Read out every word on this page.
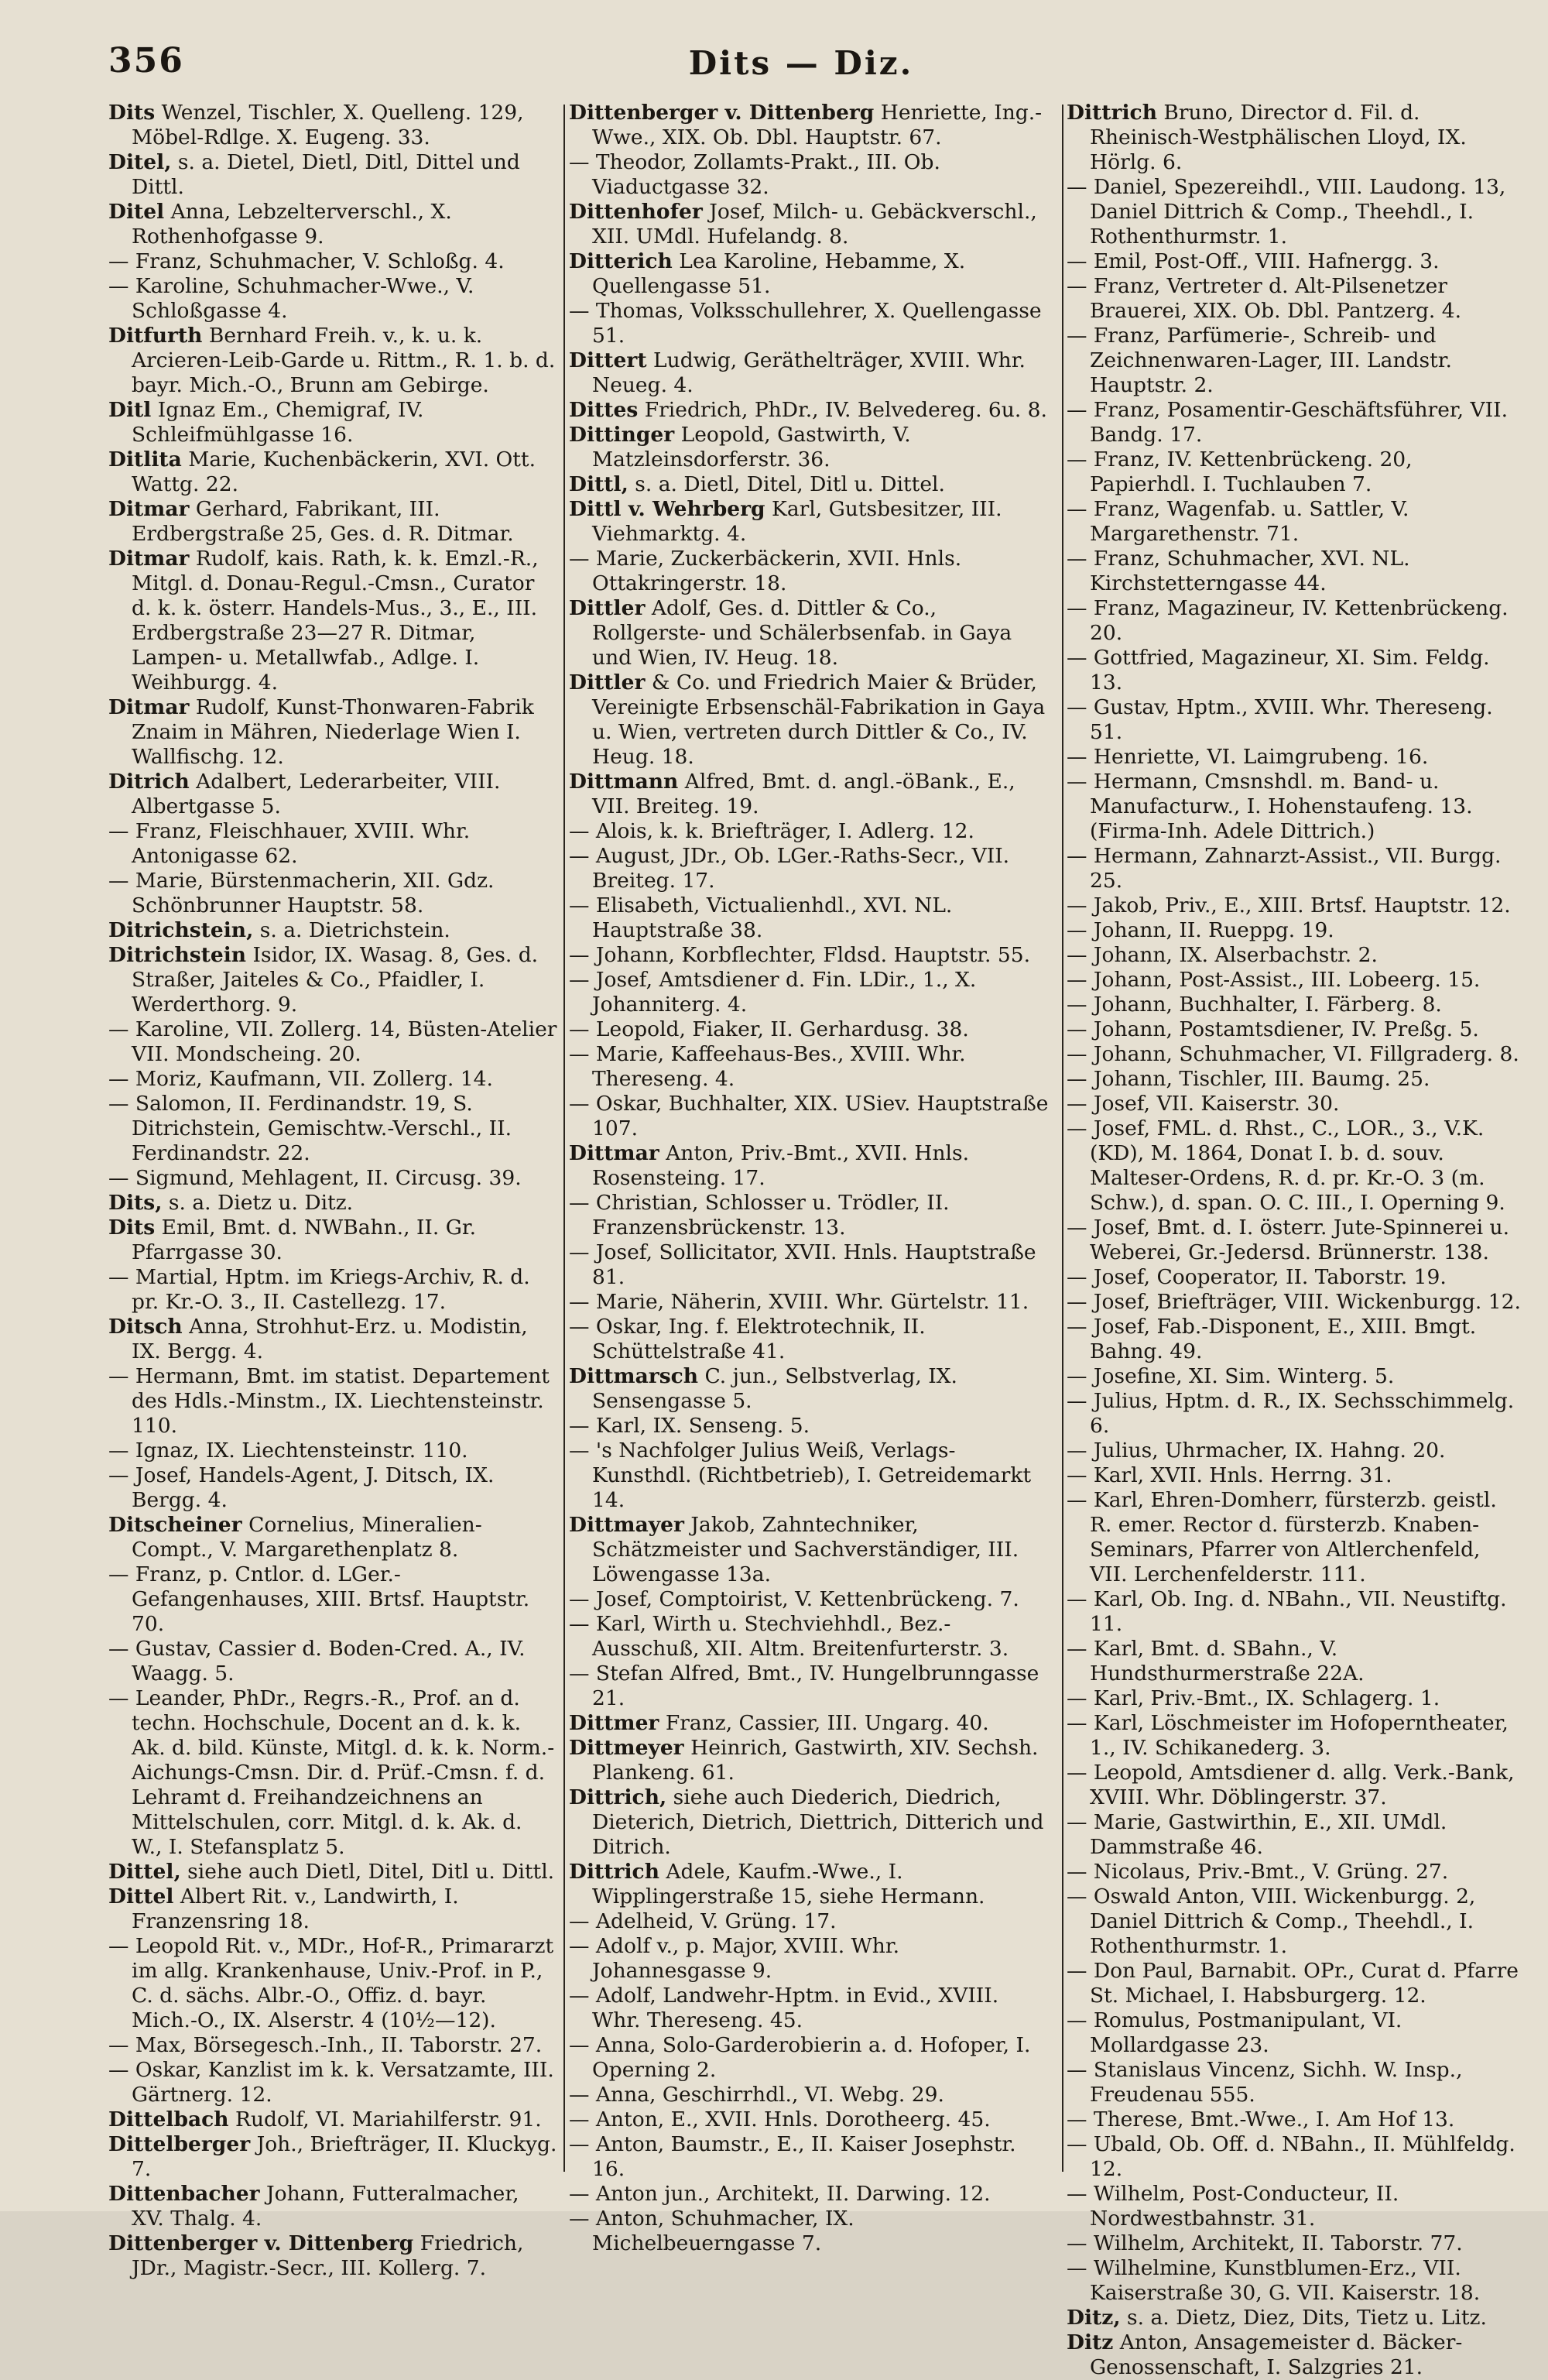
356	Dits — Diz.

Dits Wenzel, Tischler, X. Quelleng. 129, Möbel-Rdlge. X. Eugeng. 33.

Ditel, s. a. Dietel, Dietl, Ditl, Dittel und Dittl.

Ditel Anna, Lebzelterverschl., X. Rothenhofgasse 9.

— Franz, Schuhmacher, V. Schloßg. 4.

— Karoline, Schuhmacher-Wwe., V. Schloßgasse 4.

Ditfurth Bernhard Freih. v., k. u. k. Arcieren-Leib-Garde u. Rittm., R. 1. b. d. bayr. Mich.-O., Brunn am Gebirge.

Ditl Ignaz Em., Chemigraf, IV. Schleifmühlgasse 16.

Ditlita Marie, Kuchenbäckerin, XVI. Ott. Wattg. 22.

Ditmar Gerhard, Fabrikant, III. Erdbergstraße 25, Ges. d. R. Ditmar.

Ditmar Rudolf, kais. Rath, k. k. Emzl.-R., Mitgl. d. Donau-Regul.-Cmsn., Curator d. k. k. österr. Handels-Mus., 3., E., III. Erdbergstraße 23—27 R. Ditmar, Lampen- u. Metallwfab., Adlge. I. Weihburgg. 4.

Ditmar Rudolf, Kunst-Thonwaren-Fabrik Znaim in Mähren, Niederlage Wien I. Wallfischg. 12.

Ditrich Adalbert, Lederarbeiter, VIII. Albertgasse 5.

— Franz, Fleischhauer, XVIII. Whr. Antonigasse 62.

— Marie, Bürstenmacherin, XII. Gdz. Schönbrunner Hauptstr. 58.

Ditrichstein, s. a. Dietrichstein.

Ditrichstein Isidor, IX. Wasag. 8, Ges. d. Straßer, Jaiteles & Co., Pfaidler, I. Werderthorg. 9.

— Karoline, VII. Zollerg. 14, Büsten-Atelier VII. Mondscheing. 20.

— Moriz, Kaufmann, VII. Zollerg. 14.

— Salomon, II. Ferdinandstr. 19, S. Ditrichstein, Gemischtw.-Verschl., II. Ferdinandstr. 22.

— Sigmund, Mehlagent, II. Circusg. 39.

Dits, s. a. Dietz u. Ditz.

Dits Emil, Bmt. d. NWBahn., II. Gr. Pfarrgasse 30.

— Martial, Hptm. im Kriegs-Archiv, R. d. pr. Kr.-O. 3., II. Castellezg. 17.

Ditsch Anna, Strohhut-Erz. u. Modistin, IX. Bergg. 4.

— Hermann, Bmt. im statist. Departement des Hdls.-Minstm., IX. Liechtensteinstr. 110.

— Ignaz, IX. Liechtensteinstr. 110.

— Josef, Handels-Agent, J. Ditsch, IX. Bergg. 4.

Ditscheiner Cornelius, Mineralien-Compt., V. Margarethenplatz 8.

— Franz, p. Cntlor. d. LGer.-Gefangenhauses, XIII. Brtsf. Hauptstr. 70.

— Gustav, Cassier d. Boden-Cred. A., IV. Waagg. 5.

— Leander, PhDr., Regrs.-R., Prof. an d. techn. Hochschule, Docent an d. k. k. Ak. d. bild. Künste, Mitgl. d. k. k. Norm.-Aichungs-Cmsn. Dir. d. Prüf.-Cmsn. f. d. Lehramt d. Freihandzeichnens an Mittelschulen, corr. Mitgl. d. k. Ak. d. W., I. Stefansplatz 5.

Dittel, siehe auch Dietl, Ditel, Ditl u. Dittl.

Dittel Albert Rit. v., Landwirth, I. Franzensring 18.

— Leopold Rit. v., MDr., Hof-R., Primararzt im allg. Krankenhause, Univ.-Prof. in P., C. d. sächs. Albr.-O., Offiz. d. bayr. Mich.-O., IX. Alserstr. 4 (10½—12).

— Max, Börsegesch.-Inh., II. Taborstr. 27.

— Oskar, Kanzlist im k. k. Versatzamte, III. Gärtnerg. 12.

Dittelbach Rudolf, VI. Mariahilferstr. 91.

Dittelberger Joh., Briefträger, II. Kluckyg. 7.

Dittenbacher Johann, Futteralmacher, XV. Thalg. 4.

Dittenberger v. Dittenberg Friedrich, JDr., Magistr.-Secr., III. Kollerg. 7.

Dittenberger v. Dittenberg Henriette, Ing.-Wwe., XIX. Ob. Dbl. Hauptstr. 67.

— Theodor, Zollamts-Prakt., III. Ob. Viaductgasse 32.

Dittenhofer Josef, Milch- u. Gebäckverschl., XII. UMdl. Hufelandg. 8.

Ditterich Lea Karoline, Hebamme, X. Quellengasse 51.

— Thomas, Volksschullehrer, X. Quellengasse 51.

Dittert Ludwig, Geräthelträger, XVIII. Whr. Neueg. 4.

Dittes Friedrich, PhDr., IV. Belvedereg. 6u. 8.

Dittinger Leopold, Gastwirth, V. Matzleinsdorferstr. 36.

Dittl, s. a. Dietl, Ditel, Ditl u. Dittel.

Dittl v. Wehrberg Karl, Gutsbesitzer, III. Viehmarktg. 4.

— Marie, Zuckerbäckerin, XVII. Hnls. Ottakringerstr. 18.

Dittler Adolf, Ges. d. Dittler & Co., Rollgerste- und Schälerbsenfab. in Gaya und Wien, IV. Heug. 18.

Dittler & Co. und Friedrich Maier & Brüder, Vereinigte Erbsenschäl-Fabrikation in Gaya u. Wien, vertreten durch Dittler & Co., IV. Heug. 18.

Dittmann Alfred, Bmt. d. angl.-öBank., E., VII. Breiteg. 19.

— Alois, k. k. Briefträger, I. Adlerg. 12.

— August, JDr., Ob. LGer.-Raths-Secr., VII. Breiteg. 17.

— Elisabeth, Victualienhdl., XVI. NL. Hauptstraße 38.

— Johann, Korbflechter, Fldsd. Hauptstr. 55.

— Josef, Amtsdiener d. Fin. LDir., 1., X. Johanniterg. 4.

— Leopold, Fiaker, II. Gerhardusg. 38.

— Marie, Kaffeehaus-Bes., XVIII. Whr. Thereseng. 4.

— Oskar, Buchhalter, XIX. USiev. Hauptstraße 107.

Dittmar Anton, Priv.-Bmt., XVII. Hnls. Rosensteing. 17.

— Christian, Schlosser u. Trödler, II. Franzensbrückenstr. 13.

— Josef, Sollicitator, XVII. Hnls. Hauptstraße 81.

— Marie, Näherin, XVIII. Whr. Gürtelstr. 11.

— Oskar, Ing. f. Elektrotechnik, II. Schüttelstraße 41.

Dittmarsch C. jun., Selbstverlag, IX. Sensengasse 5.

— Karl, IX. Senseng. 5.

— 's Nachfolger Julius Weiß, Verlags-Kunsthdl. (Richtbetrieb), I. Getreidemarkt 14.

Dittmayer Jakob, Zahntechniker, Schätzmeister und Sachverständiger, III. Löwengasse 13a.

— Josef, Comptoirist, V. Kettenbrückeng. 7.

— Karl, Wirth u. Stechviehhdl., Bez.-Ausschuß, XII. Altm. Breitenfurterstr. 3.

— Stefan Alfred, Bmt., IV. Hungelbrunngasse 21.

Dittmer Franz, Cassier, III. Ungarg. 40.

Dittmeyer Heinrich, Gastwirth, XIV. Sechsh. Plankeng. 61.

Dittrich, siehe auch Diederich, Diedrich, Dieterich, Dietrich, Diettrich, Ditterich und Ditrich.

Dittrich Adele, Kaufm.-Wwe., I. Wipplingerstraße 15, siehe Hermann.

— Adelheid, V. Grüng. 17.

— Adolf v., p. Major, XVIII. Whr. Johannesgasse 9.

— Adolf, Landwehr-Hptm. in Evid., XVIII. Whr. Thereseng. 45.

— Anna, Solo-Garderobierin a. d. Hofoper, I. Operning 2.

— Anna, Geschirrhdl., VI. Webg. 29.

— Anton, E., XVII. Hnls. Dorotheerg. 45.

— Anton, Baumstr., E., II. Kaiser Josephstr. 16.

— Anton jun., Architekt, II. Darwing. 12.

— Anton, Schuhmacher, IX. Michelbeuerngasse 7.

Dittrich Bruno, Director d. Fil. d. Rheinisch-Westphälischen Lloyd, IX. Hörlg. 6.

— Daniel, Spezereihdl., VIII. Laudong. 13, Daniel Dittrich & Comp., Theehdl., I. Rothenthurmstr. 1.

— Emil, Post-Off., VIII. Hafnergg. 3.

— Franz, Vertreter d. Alt-Pilsenetzer Brauerei, XIX. Ob. Dbl. Pantzerg. 4.

— Franz, Parfümerie-, Schreib- und Zeichnenwaren-Lager, III. Landstr. Hauptstr. 2.

— Franz, Posamentir-Geschäftsführer, VII. Bandg. 17.

— Franz, IV. Kettenbrückeng. 20, Papierhdl. I. Tuchlauben 7.

— Franz, Wagenfab. u. Sattler, V. Margarethenstr. 71.

— Franz, Schuhmacher, XVI. NL. Kirchstetterngasse 44.

— Franz, Magazineur, IV. Kettenbrückeng. 20.

— Gottfried, Magazineur, XI. Sim. Feldg. 13.

— Gustav, Hptm., XVIII. Whr. Thereseng. 51.

— Henriette, VI. Laimgrubeng. 16.

— Hermann, Cmsnshdl. m. Band- u. Manufacturw., I. Hohenstaufeng. 13. (Firma-Inh. Adele Dittrich.)

— Hermann, Zahnarzt-Assist., VII. Burgg. 25.

— Jakob, Priv., E., XIII. Brtsf. Hauptstr. 12.

— Johann, II. Rueppg. 19.

— Johann, IX. Alserbachstr. 2.

— Johann, Post-Assist., III. Lobeerg. 15.

— Johann, Buchhalter, I. Färberg. 8.

— Johann, Postamtsdiener, IV. Preßg. 5.

— Johann, Schuhmacher, VI. Fillgraderg. 8.

— Johann, Tischler, III. Baumg. 25.

— Josef, VII. Kaiserstr. 30.

— Josef, FML. d. Rhst., C., LOR., 3., V.K. (KD), M. 1864, Donat I. b. d. souv. Malteser-Ordens, R. d. pr. Kr.-O. 3 (m. Schw.), d. span. O. C. III., I. Operning 9.

— Josef, Bmt. d. I. österr. Jute-Spinnerei u. Weberei, Gr.-Jedersd. Brünnerstr. 138.

— Josef, Cooperator, II. Taborstr. 19.

— Josef, Briefträger, VIII. Wickenburgg. 12.

— Josef, Fab.-Disponent, E., XIII. Bmgt. Bahng. 49.

— Josefine, XI. Sim. Winterg. 5.

— Julius, Hptm. d. R., IX. Sechsschimmelg. 6.

— Julius, Uhrmacher, IX. Hahng. 20.

— Karl, XVII. Hnls. Herrng. 31.

— Karl, Ehren-Domherr, fürsterzb. geistl. R. emer. Rector d. fürsterzb. Knaben-Seminars, Pfarrer von Altlerchenfeld, VII. Lerchenfelderstr. 111.

— Karl, Ob. Ing. d. NBahn., VII. Neustiftg. 11.

— Karl, Bmt. d. SBahn., V. Hundsthurmerstraße 22A.

— Karl, Priv.-Bmt., IX. Schlagerg. 1.

— Karl, Löschmeister im Hofoperntheater, 1., IV. Schikanederg. 3.

— Leopold, Amtsdiener d. allg. Verk.-Bank, XVIII. Whr. Döblingerstr. 37.

— Marie, Gastwirthin, E., XII. UMdl. Dammstraße 46.

— Nicolaus, Priv.-Bmt., V. Grüng. 27.

— Oswald Anton, VIII. Wickenburgg. 2, Daniel Dittrich & Comp., Theehdl., I. Rothenthurmstr. 1.

— Don Paul, Barnabit. OPr., Curat d. Pfarre St. Michael, I. Habsburgerg. 12.

— Romulus, Postmanipulant, VI. Mollardgasse 23.

— Stanislaus Vincenz, Sichh. W. Insp., Freudenau 555.

— Therese, Bmt.-Wwe., I. Am Hof 13.

— Ubald, Ob. Off. d. NBahn., II. Mühlfeldg. 12.

— Wilhelm, Post-Conducteur, II. Nordwestbahnstr. 31.

— Wilhelm, Architekt, II. Taborstr. 77.

— Wilhelmine, Kunstblumen-Erz., VII. Kaiserstraße 30, G. VII. Kaiserstr. 18.

Ditz, s. a. Dietz, Diez, Dits, Tietz u. Litz.

Ditz Anton, Ansagemeister d. Bäcker-Genossenschaft, I. Salzgries 21.
